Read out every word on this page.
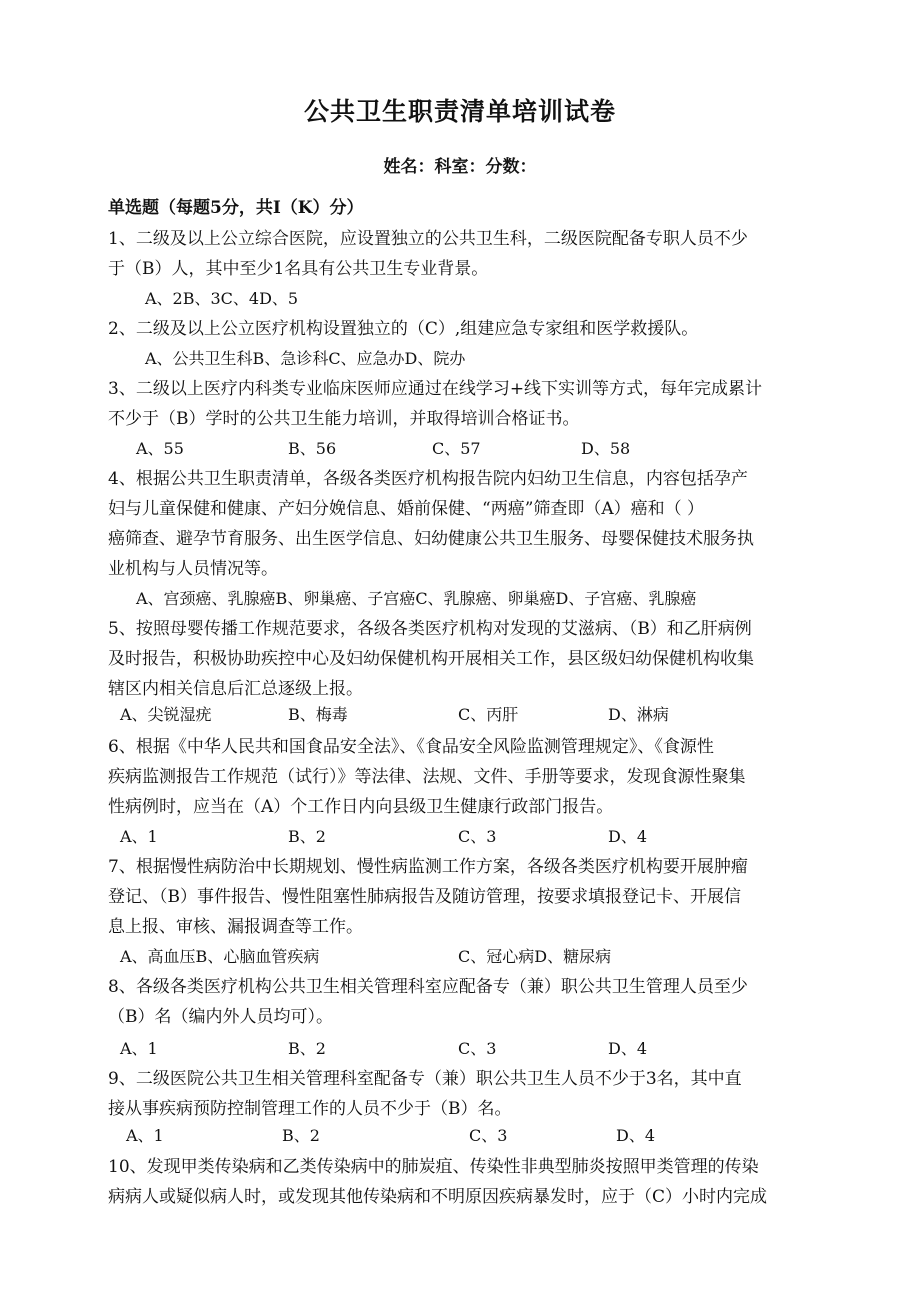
公共卫生职责清单培训试卷
姓名：科室：分数：
单选题（每题5分，共I（K）分）
1、二级及以上公立综合医院，应设置独立的公共卫生科，二级医院配备专职人员不少
于（B）人，其中至少1名具有公共卫生专业背景。
A、2B、3C、4D、5
2、二级及以上公立医疗机构设置独立的（C）,组建应急专家组和医学救援队。
A、公共卫生科B、急诊科C、应急办D、院办
3、二级以上医疗内科类专业临床医师应通过在线学习+线下实训等方式，每年完成累计
不少于（B）学时的公共卫生能力培训，并取得培训合格证书。
A、55	B、56	C、57	D、58
4、根据公共卫生职责清单，各级各类医疗机构报告院内妇幼卫生信息，内容包括孕产
妇与儿童保健和健康、产妇分娩信息、婚前保健、“两癌”筛查即（A）癌和（ ）
癌筛查、避孕节育服务、出生医学信息、妇幼健康公共卫生服务、母婴保健技术服务执
业机构与人员情况等。
A、宫颈癌、乳腺癌B、卵巢癌、子宫癌C、乳腺癌、卵巢癌D、子宫癌、乳腺癌
5、按照母婴传播工作规范要求，各级各类医疗机构对发现的艾滋病、（B）和乙肝病例
及时报告，积极协助疾控中心及妇幼保健机构开展相关工作，县区级妇幼保健机构收集
辖区内相关信息后汇总逐级上报。
A、尖锐湿疣	B、梅毒	C、丙肝	D、淋病
6、根据《中华人民共和国食品安全法》、《食品安全风险监测管理规定》、《食源性
疾病监测报告工作规范（试行）》等法律、法规、文件、手册等要求，发现食源性聚集
性病例时，应当在（A）个工作日内向县级卫生健康行政部门报告。
A、1	B、2	C、3	D、4
7、根据慢性病防治中长期规划、慢性病监测工作方案，各级各类医疗机构要开展肿瘤
登记、（B）事件报告、慢性阻塞性肺病报告及随访管理，按要求填报登记卡、开展信
息上报、审核、漏报调查等工作。
A、高血压B、心脑血管疾病	C、冠心病D、糖尿病
8、各级各类医疗机构公共卫生相关管理科室应配备专（兼）职公共卫生管理人员至少
（B）名（编内外人员均可）。
A、1	B、2	C、3	D、4
9、二级医院公共卫生相关管理科室配备专（兼）职公共卫生人员不少于3名，其中直
接从事疾病预防控制管理工作的人员不少于（B）名。
A、1	B、2	C、3	D、4
10、发现甲类传染病和乙类传染病中的肺炭疽、传染性非典型肺炎按照甲类管理的传染
病病人或疑似病人时，或发现其他传染病和不明原因疾病暴发时，应于（C）小时内完成
